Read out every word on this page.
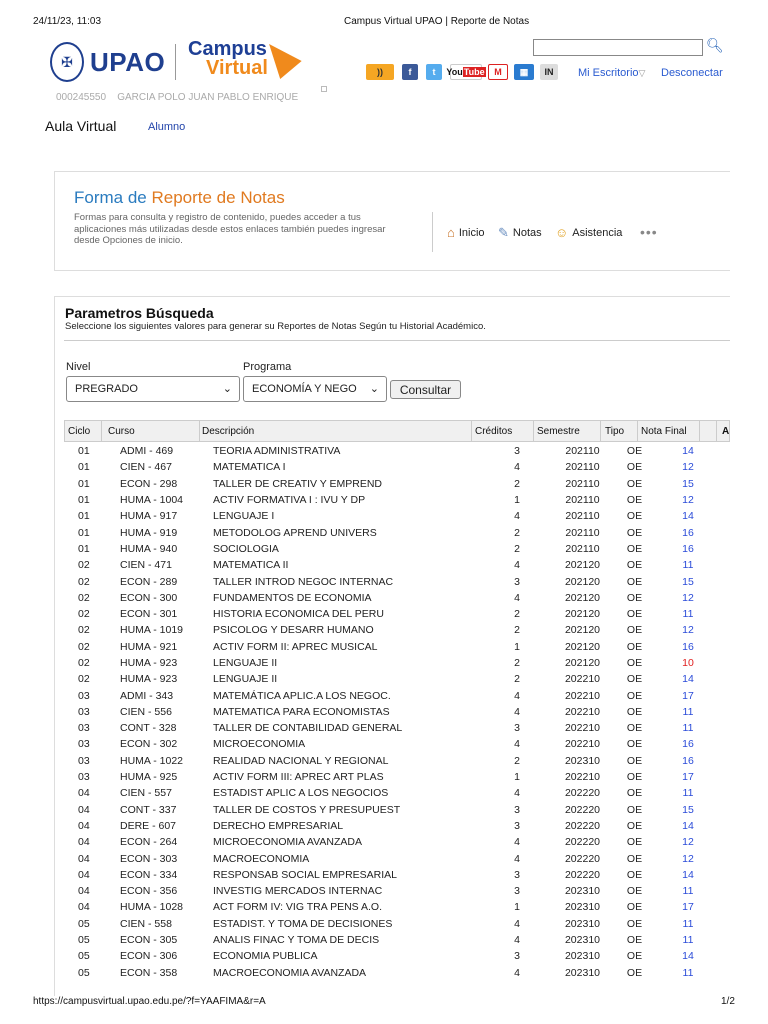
24/11/23, 11:03	Campus Virtual UPAO | Reporte de Notas
✠ UPAO Campus
Virtual
🔍︎
))	f	t	You Tube	M	▦	IN	Mi Escritorio▽ Desconectar
000245550 GARCIA POLO JUAN PABLO ENRIQUE
Aula Virtual	Alumno
Forma de Reporte de Notas
Formas para consulta y registro de contenido, puedes acceder a tus aplicaciones más utilizadas desde estos enlaces también puedes ingresar desde Opciones de inicio.
⌂ Inicio ✎ Notas ☺ Asistencia •••
Parametros Búsqueda
Seleccione los siguientes valores para generar su Reportes de Notas Según tu Historial Académico.
Nivel	Programa
PREGRADO	⌄ ECONOMÍA Y NEGO ⌄	Consultar
Ciclo Curso	Descripción	Créditos Semestre	Tipo Nota Final	A
01	ADMI - 469	TEORIA ADMINISTRATIVA	3	202110	OE	14	
01	CIEN - 467	MATEMATICA I	4	202110	OE	12	
01	ECON - 298	TALLER DE CREATIV Y EMPREND	2	202110	OE	15	
01	HUMA - 1004	ACTIV FORMATIVA I : IVU Y DP	1	202110	OE	12	
01	HUMA - 917	LENGUAJE I	4	202110	OE	14	
01	HUMA - 919	METODOLOG APREND UNIVERS	2	202110	OE	16	
01	HUMA - 940	SOCIOLOGIA	2	202110	OE	16	
02	CIEN - 471	MATEMATICA II	4	202120	OE	11	
02	ECON - 289	TALLER INTROD NEGOC INTERNAC	3	202120	OE	15	
02	ECON - 300	FUNDAMENTOS DE ECONOMIA	4	202120	OE	12	
02	ECON - 301	HISTORIA ECONOMICA DEL PERU	2	202120	OE	11	
02	HUMA - 1019	PSICOLOG Y DESARR HUMANO	2	202120	OE	12	
02	HUMA - 921	ACTIV FORM II: APREC MUSICAL	1	202120	OE	16	
02	HUMA - 923	LENGUAJE II	2	202120	OE	10	
02	HUMA - 923	LENGUAJE II	2	202210	OE	14	
03	ADMI - 343	MATEMÁTICA APLIC.A LOS NEGOC.	4	202210	OE	17	
03	CIEN - 556	MATEMATICA PARA ECONOMISTAS	4	202210	OE	11	
03	CONT - 328	TALLER DE CONTABILIDAD GENERAL	3	202210	OE	11	
03	ECON - 302	MICROECONOMIA	4	202210	OE	16	
03	HUMA - 1022	REALIDAD NACIONAL Y REGIONAL	2	202310	OE	16	
03	HUMA - 925	ACTIV FORM III: APREC ART PLAS	1	202210	OE	17	
04	CIEN - 557	ESTADIST APLIC A LOS NEGOCIOS	4	202220	OE	11	
04	CONT - 337	TALLER DE COSTOS Y PRESUPUEST	3	202220	OE	15	
04	DERE - 607	DERECHO EMPRESARIAL	3	202220	OE	14	
04	ECON - 264	MICROECONOMIA AVANZADA	4	202220	OE	12	
04	ECON - 303	MACROECONOMIA	4	202220	OE	12	
04	ECON - 334	RESPONSAB SOCIAL EMPRESARIAL	3	202220	OE	14	
04	ECON - 356	INVESTIG MERCADOS INTERNAC	3	202310	OE	11	
04	HUMA - 1028	ACT FORM IV: VIG TRA PENS A.O.	1	202310	OE	17	
05	CIEN - 558	ESTADIST. Y TOMA DE DECISIONES	4	202310	OE	11	
05	ECON - 305	ANALIS FINAC Y TOMA DE DECIS	4	202310	OE	11	
05	ECON - 306	ECONOMIA PUBLICA	3	202310	OE	14	
05	ECON - 358	MACROECONOMIA AVANZADA	4	202310	OE	11	
https://campusvirtual.upao.edu.pe/?f=YAAFIMA&r=A	1/2
